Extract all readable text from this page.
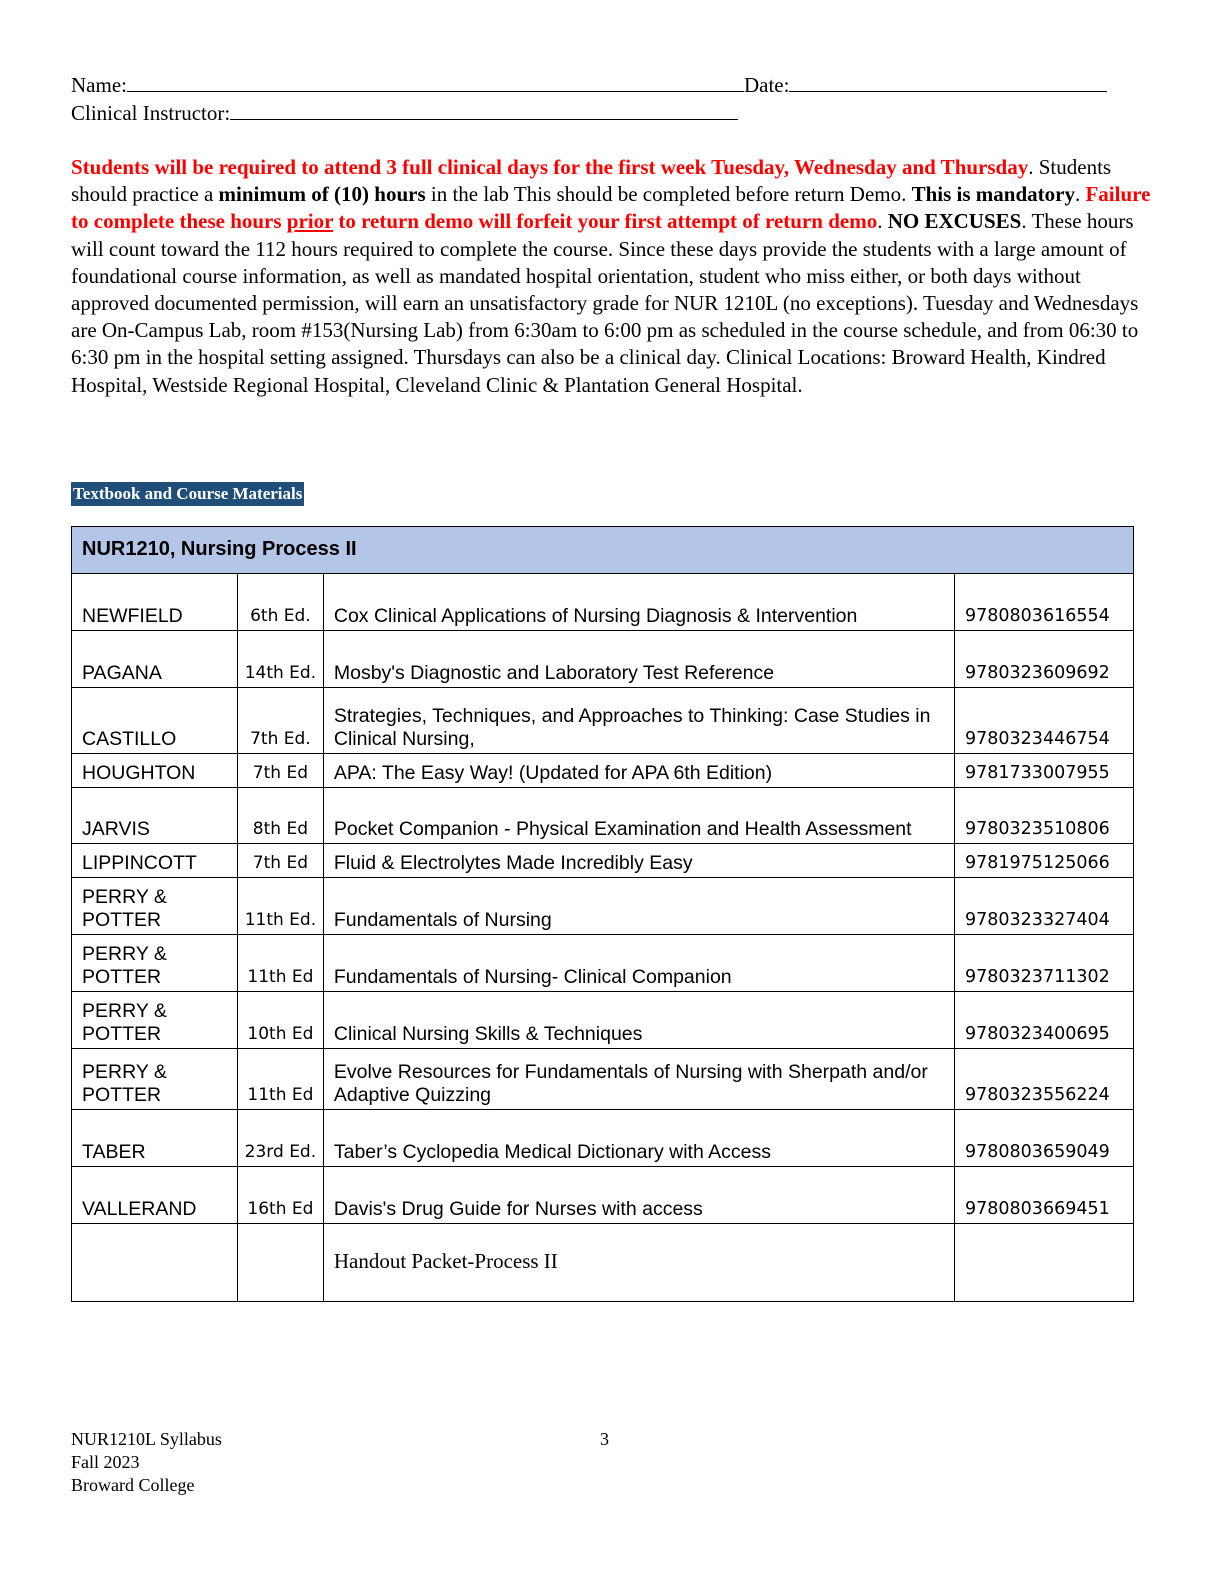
Name:	Date:
Clinical Instructor:
Students will be required to attend 3 full clinical days for the first week Tuesday, Wednesday and Thursday. Students should practice a minimum of (10) hours in the lab This should be completed before return Demo. This is mandatory. Failure to complete these hours prior to return demo will forfeit your first attempt of return demo. NO EXCUSES. These hours will count toward the 112 hours required to complete the course. Since these days provide the students with a large amount of foundational course information, as well as mandated hospital orientation, student who miss either, or both days without approved documented permission, will earn an unsatisfactory grade for NUR 1210L (no exceptions). Tuesday and Wednesdays are On-Campus Lab, room #153(Nursing Lab) from 6:30am to 6:00 pm as scheduled in the course schedule, and from 06:30 to 6:30 pm in the hospital setting assigned. Thursdays can also be a clinical day. Clinical Locations: Broward Health, Kindred Hospital, Westside Regional Hospital, Cleveland Clinic & Plantation General Hospital.
Textbook and Course Materials
NUR1210, Nursing Process II			
NEWFIELD	6th Ed.	Cox Clinical Applications of Nursing Diagnosis & Intervention	9780803616554
PAGANA	14th Ed.	Mosby's Diagnostic and Laboratory Test Reference	9780323609692
CASTILLO	7th Ed.	Strategies, Techniques, and Approaches to Thinking: Case Studies in Clinical Nursing,	9780323446754
HOUGHTON	7th Ed	APA: The Easy Way! (Updated for APA 6th Edition)	9781733007955
JARVIS	8th Ed	Pocket Companion - Physical Examination and Health Assessment	9780323510806
LIPPINCOTT	7th Ed	Fluid & Electrolytes Made Incredibly Easy	9781975125066
PERRY & POTTER	11th Ed.	Fundamentals of Nursing	9780323327404
PERRY & POTTER	11th Ed	Fundamentals of Nursing- Clinical Companion	9780323711302
PERRY & POTTER	10th Ed	Clinical Nursing Skills & Techniques	9780323400695
PERRY & POTTER	11th Ed	Evolve Resources for Fundamentals of Nursing with Sherpath and/or Adaptive Quizzing	9780323556224
TABER	23rd Ed.	Taber’s Cyclopedia Medical Dictionary with Access	9780803659049
VALLERAND	16th Ed	Davis's Drug Guide for Nurses with access	9780803669451
		Handout Packet-Process II	
NUR1210L Syllabus
Fall 2023
Broward College
3
